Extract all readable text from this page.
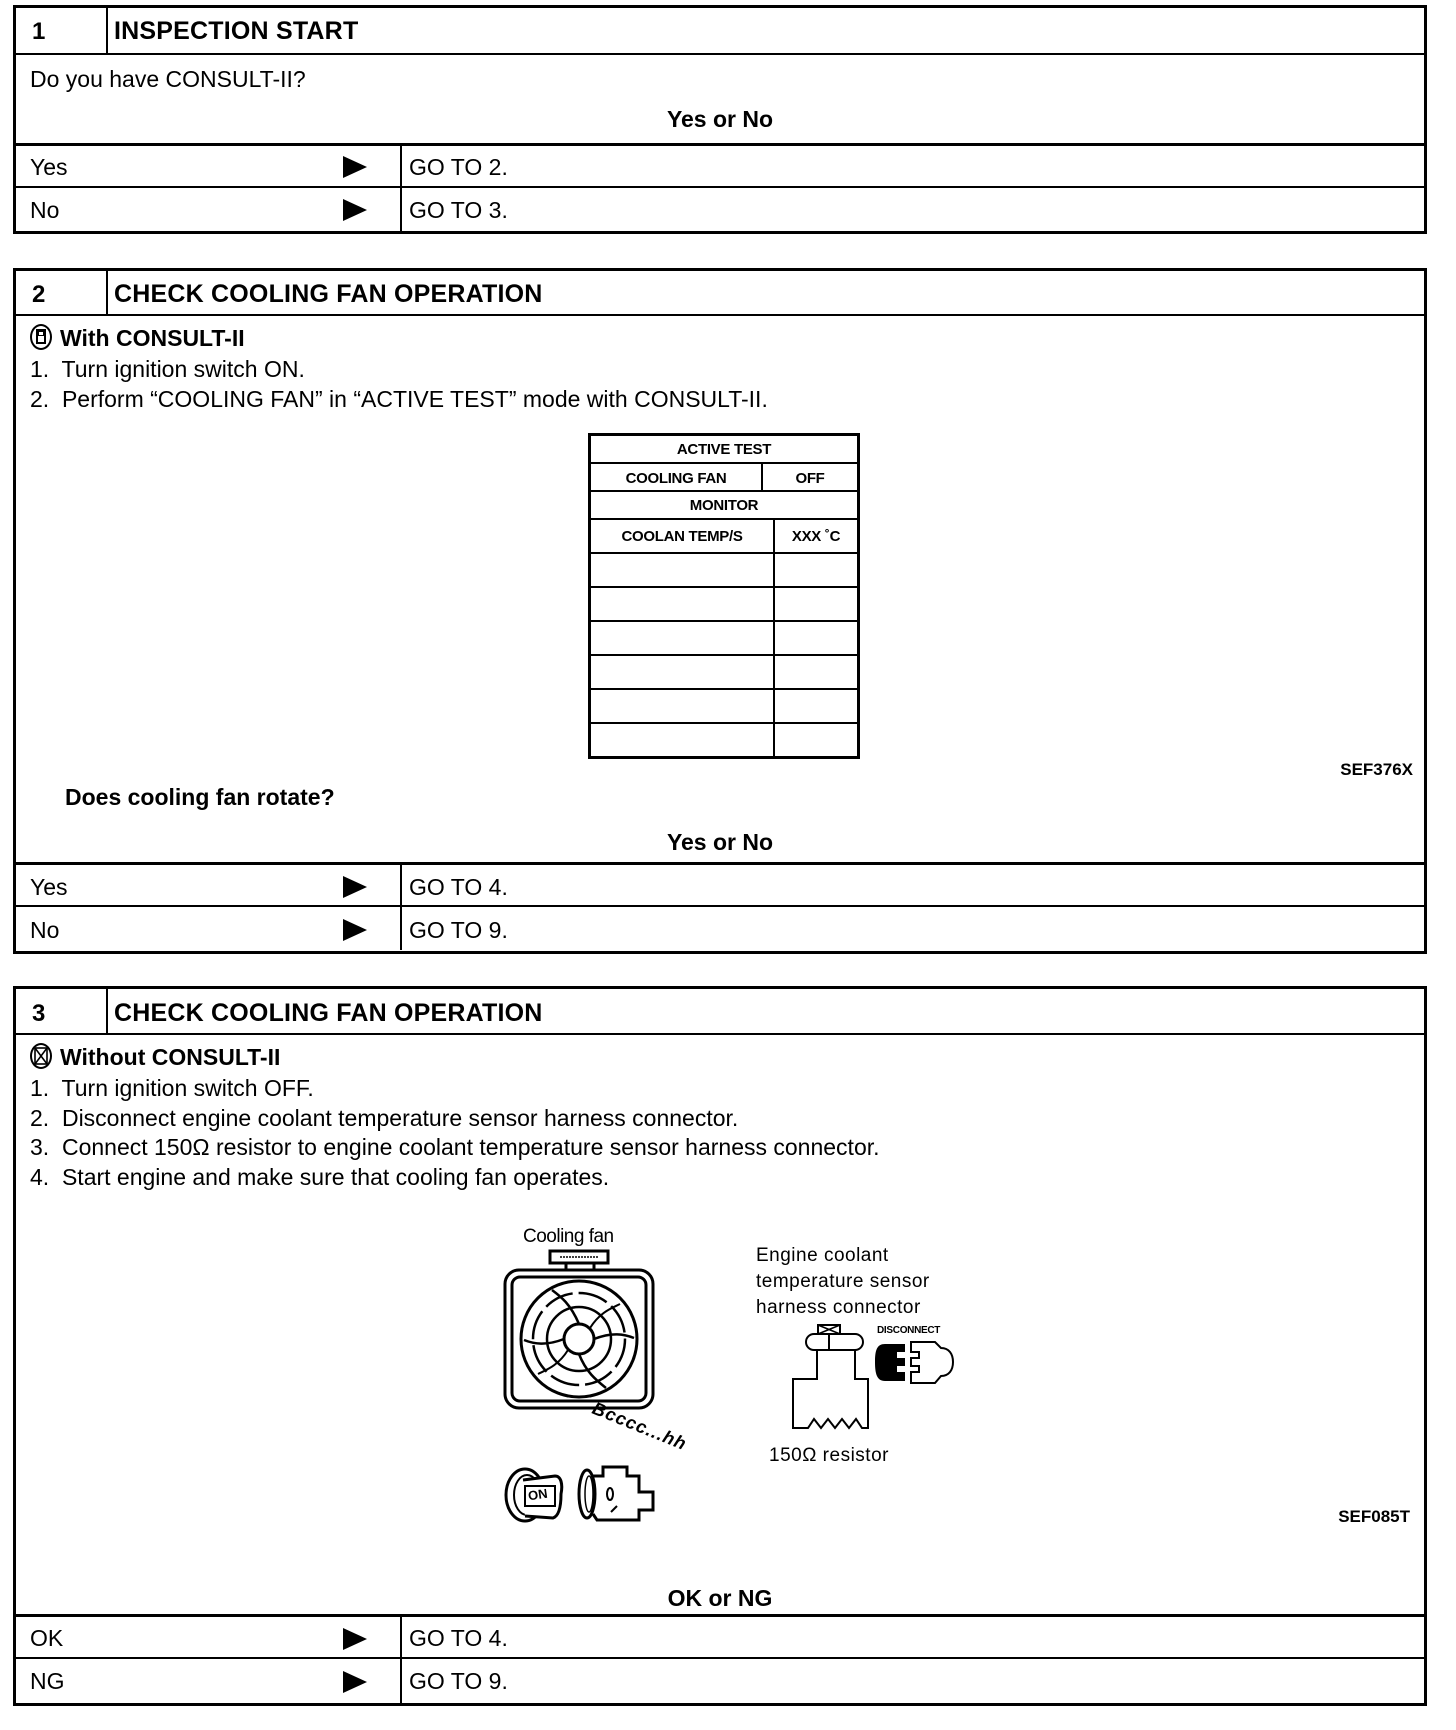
1	INSPECTION START
Do you have CONSULT-II?
Yes or No
Yes	GO TO 2.
No	GO TO 3.
2	CHECK COOLING FAN OPERATION
With CONSULT-II
1.  Turn ignition switch ON.
2.  Perform “COOLING FAN” in “ACTIVE TEST” mode with CONSULT-II.
ACTIVE TEST
COOLING FAN	OFF
MONITOR
COOLAN TEMP/S	XXX ˚C
SEF376X
Does cooling fan rotate?
Yes or No
Yes	GO TO 4.
No	GO TO 9.
3	CHECK COOLING FAN OPERATION
Without CONSULT-II
1.  Turn ignition switch OFF.
2.  Disconnect engine coolant temperature sensor harness connector.
3.  Connect 150Ω resistor to engine coolant temperature sensor harness connector.
4.  Start engine and make sure that cooling fan operates.
SEF085T
OK or NG
OK	GO TO 4.
NG	GO TO 9.
Cooling fan
Bcccc...hh
ON
Engine coolant
temperature sensor
harness connector
DISCONNECT
150Ω resistor
